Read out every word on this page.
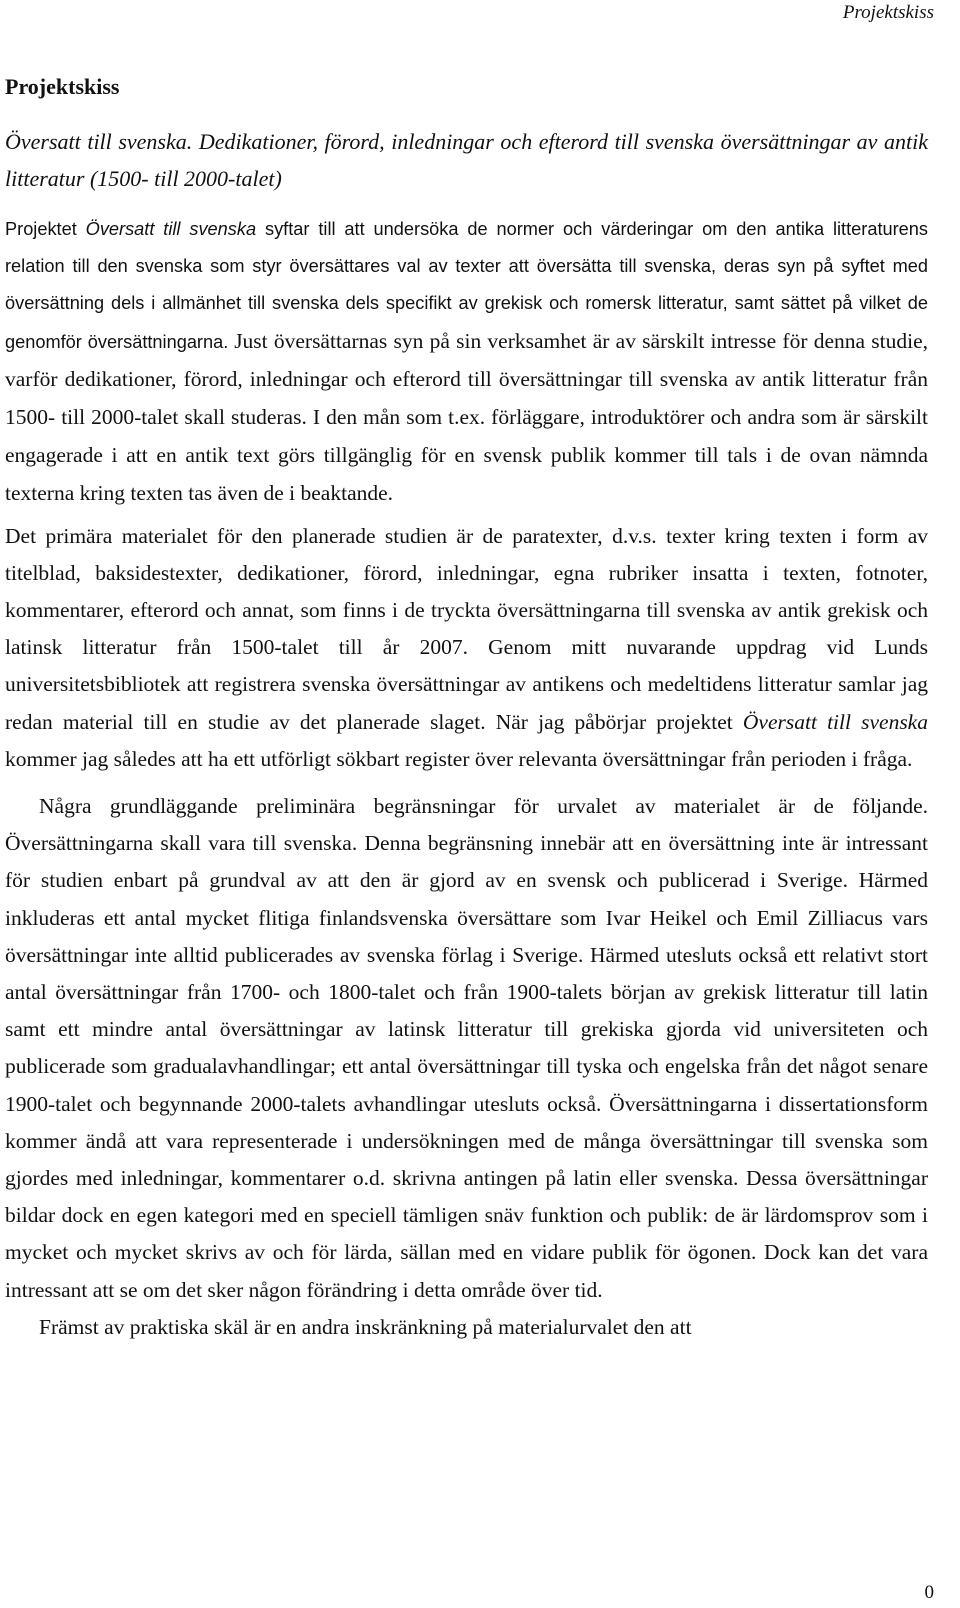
Projektskiss
Projektskiss

Översatt till svenska. Dedikationer, förord, inledningar och efterord till svenska översättningar av antik litteratur (1500- till 2000-talet)

Projektet Översatt till svenska syftar till att undersöka de normer och värderingar om den antika litteraturens relation till den svenska som styr översättares val av texter att översätta till svenska, deras syn på syftet med översättning dels i allmänhet till svenska dels specifikt av grekisk och romersk litteratur, samt sättet på vilket de genomför översättningarna. Just översättarnas syn på sin verksamhet är av särskilt intresse för denna studie, varför dedikationer, förord, inledningar och efterord till översättningar till svenska av antik litteratur från 1500- till 2000-talet skall studeras. I den mån som t.ex. förläggare, introduktörer och andra som är särskilt engagerade i att en antik text görs tillgänglig för en svensk publik kommer till tals i de ovan nämnda texterna kring texten tas även de i beaktande.

Det primära materialet för den planerade studien är de paratexter, d.v.s. texter kring texten i form av titelblad, baksidestexter, dedikationer, förord, inledningar, egna rubriker insatta i texten, fotnoter, kommentarer, efterord och annat, som finns i de tryckta översättningarna till svenska av antik grekisk och latinsk litteratur från 1500-talet till år 2007. Genom mitt nuvarande uppdrag vid Lunds universitetsbibliotek att registrera svenska översättningar av antikens och medeltidens litteratur samlar jag redan material till en studie av det planerade slaget. När jag påbörjar projektet Översatt till svenska kommer jag således att ha ett utförligt sökbart register över relevanta översättningar från perioden i fråga.

Några grundläggande preliminära begränsningar för urvalet av materialet är de följande. Översättningarna skall vara till svenska. Denna begränsning innebär att en översättning inte är intressant för studien enbart på grundval av att den är gjord av en svensk och publicerad i Sverige. Härmed inkluderas ett antal mycket flitiga finlandsvenska översättare som Ivar Heikel och Emil Zilliacus vars översättningar inte alltid publicerades av svenska förlag i Sverige. Härmed utesluts också ett relativt stort antal översättningar från 1700- och 1800-talet och från 1900-talets början av grekisk litteratur till latin samt ett mindre antal översättningar av latinsk litteratur till grekiska gjorda vid universiteten och publicerade som gradualavhandlingar; ett antal översättningar till tyska och engelska från det något senare 1900-talet och begynnande 2000-talets avhandlingar utesluts också. Översättningarna i dissertationsform kommer ändå att vara representerade i undersökningen med de många översättningar till svenska som gjordes med inledningar, kommentarer o.d. skrivna antingen på latin eller svenska. Dessa översättningar bildar dock en egen kategori med en speciell tämligen snäv funktion och publik: de är lärdomsprov som i mycket och mycket skrivs av och för lärda, sällan med en vidare publik för ögonen. Dock kan det vara intressant att se om det sker någon förändring i detta område över tid.

Främst av praktiska skäl är en andra inskränkning på materialurvalet den att

0
